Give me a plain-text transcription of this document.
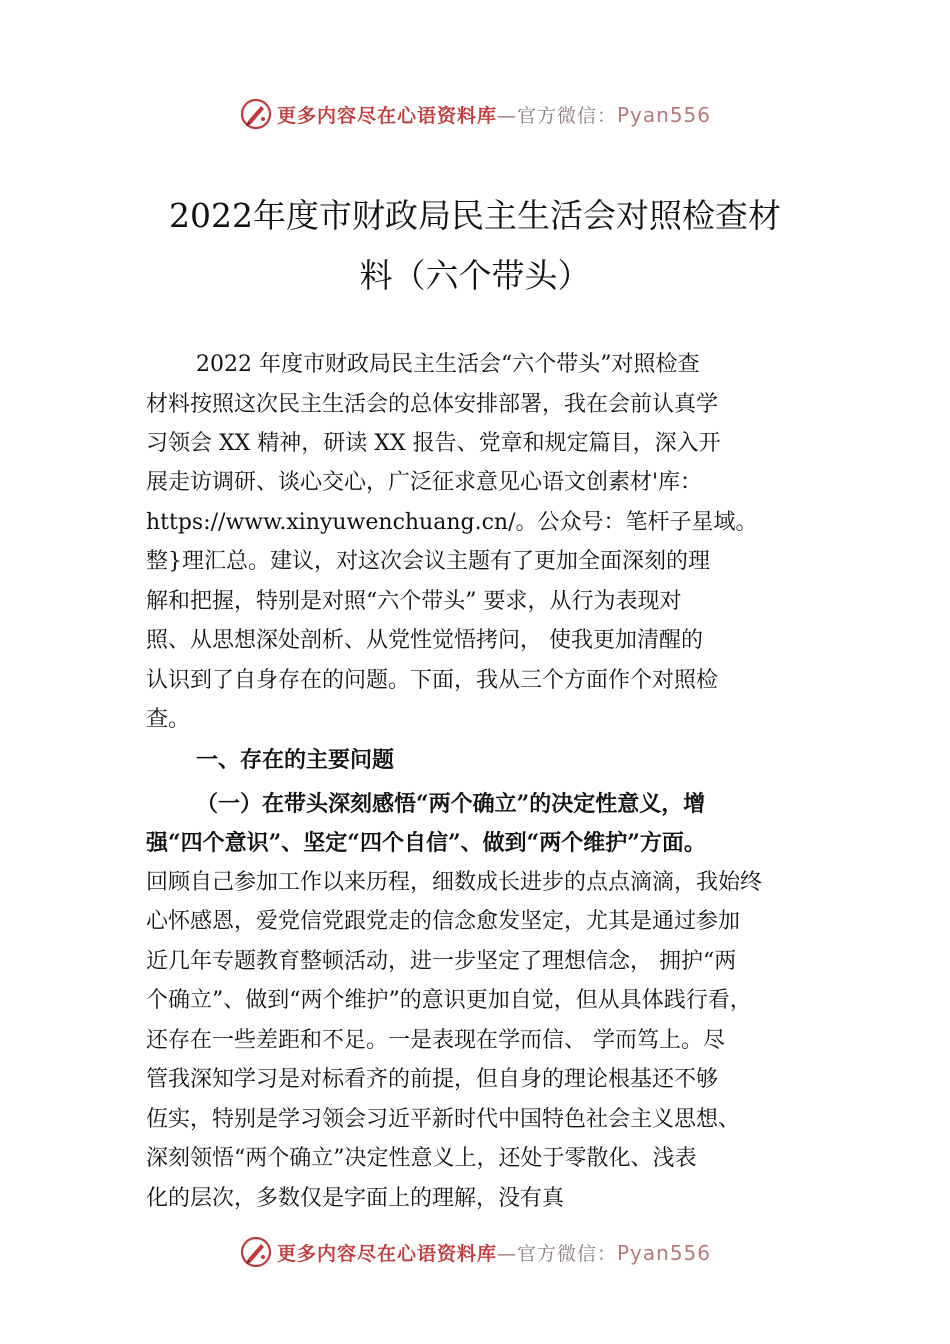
更多内容尽在心语资料库—官方微信：Pyan556
2022年度市财政局民主生活会对照检查材
料（六个带头）
2022 年度市财政局民主生活会“六个带头”对照检查
材料按照这次民主生活会的总体安排部署，我在会前认真学
习领会 XX 精神，研读 XX 报告、党章和规定篇目，深入开
展走访调研、谈心交心，广泛征求意见心语文创素材'库：
https://www.xinyuwenchuang.cn/。公众号：笔杆子星域。
整}理汇总。建议，对这次会议主题有了更加全面深刻的理
解和把握，特别是对照“六个带头” 要求，从行为表现对
照、从思想深处剖析、从党性觉悟拷问， 使我更加清醒的
认识到了自身存在的问题。下面，我从三个方面作个对照检
查。
一、存在的主要问题
（一）在带头深刻感悟“两个确立”的决定性意义，增
强“四个意识”、坚定“四个自信”、做到“两个维护”方面。
回顾自己参加工作以来历程，细数成长进步的点点滴滴，我始终
心怀感恩，爱党信党跟党走的信念愈发坚定，尤其是通过参加
近几年专题教育整顿活动，进一步坚定了理想信念， 拥护“两
个确立”、做到“两个维护”的意识更加自觉，但从具体践行看，
还存在一些差距和不足。一是表现在学而信、 学而笃上。尽
管我深知学习是对标看齐的前提，但自身的理论根基还不够
仾实，特别是学习领会习近平新时代中国特色社会主义思想、
深刻领悟“两个确立”决定性意义上，还处于零散化、浅表
化的层次，多数仅是字面上的理解，没有真
更多内容尽在心语资料库—官方微信：Pyan556
